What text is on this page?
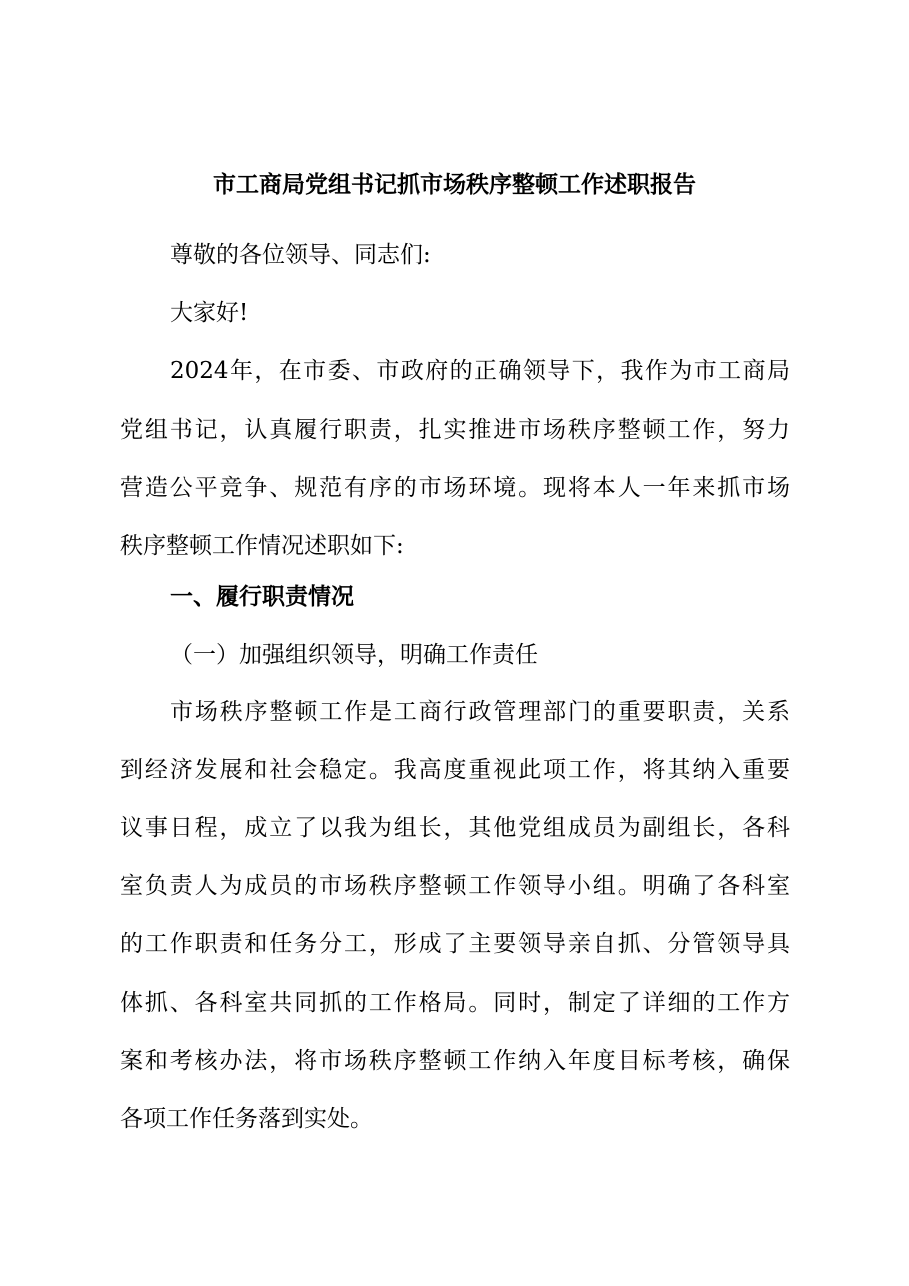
市工商局党组书记抓市场秩序整顿工作述职报告
尊敬的各位领导、同志们:
大家好!
2024年，在市委、市政府的正确领导下，我作为市工商局
党组书记，认真履行职责，扎实推进市场秩序整顿工作，努力
营造公平竞争、规范有序的市场环境。现将本人一年来抓市场
秩序整顿工作情况述职如下:
一、履行职责情况
（一）加强组织领导，明确工作责任
市场秩序整顿工作是工商行政管理部门的重要职责，关系
到经济发展和社会稳定。我高度重视此项工作，将其纳入重要
议事日程，成立了以我为组长，其他党组成员为副组长，各科
室负责人为成员的市场秩序整顿工作领导小组。明确了各科室
的工作职责和任务分工，形成了主要领导亲自抓、分管领导具
体抓、各科室共同抓的工作格局。同时，制定了详细的工作方
案和考核办法，将市场秩序整顿工作纳入年度目标考核，确保
各项工作任务落到实处。
